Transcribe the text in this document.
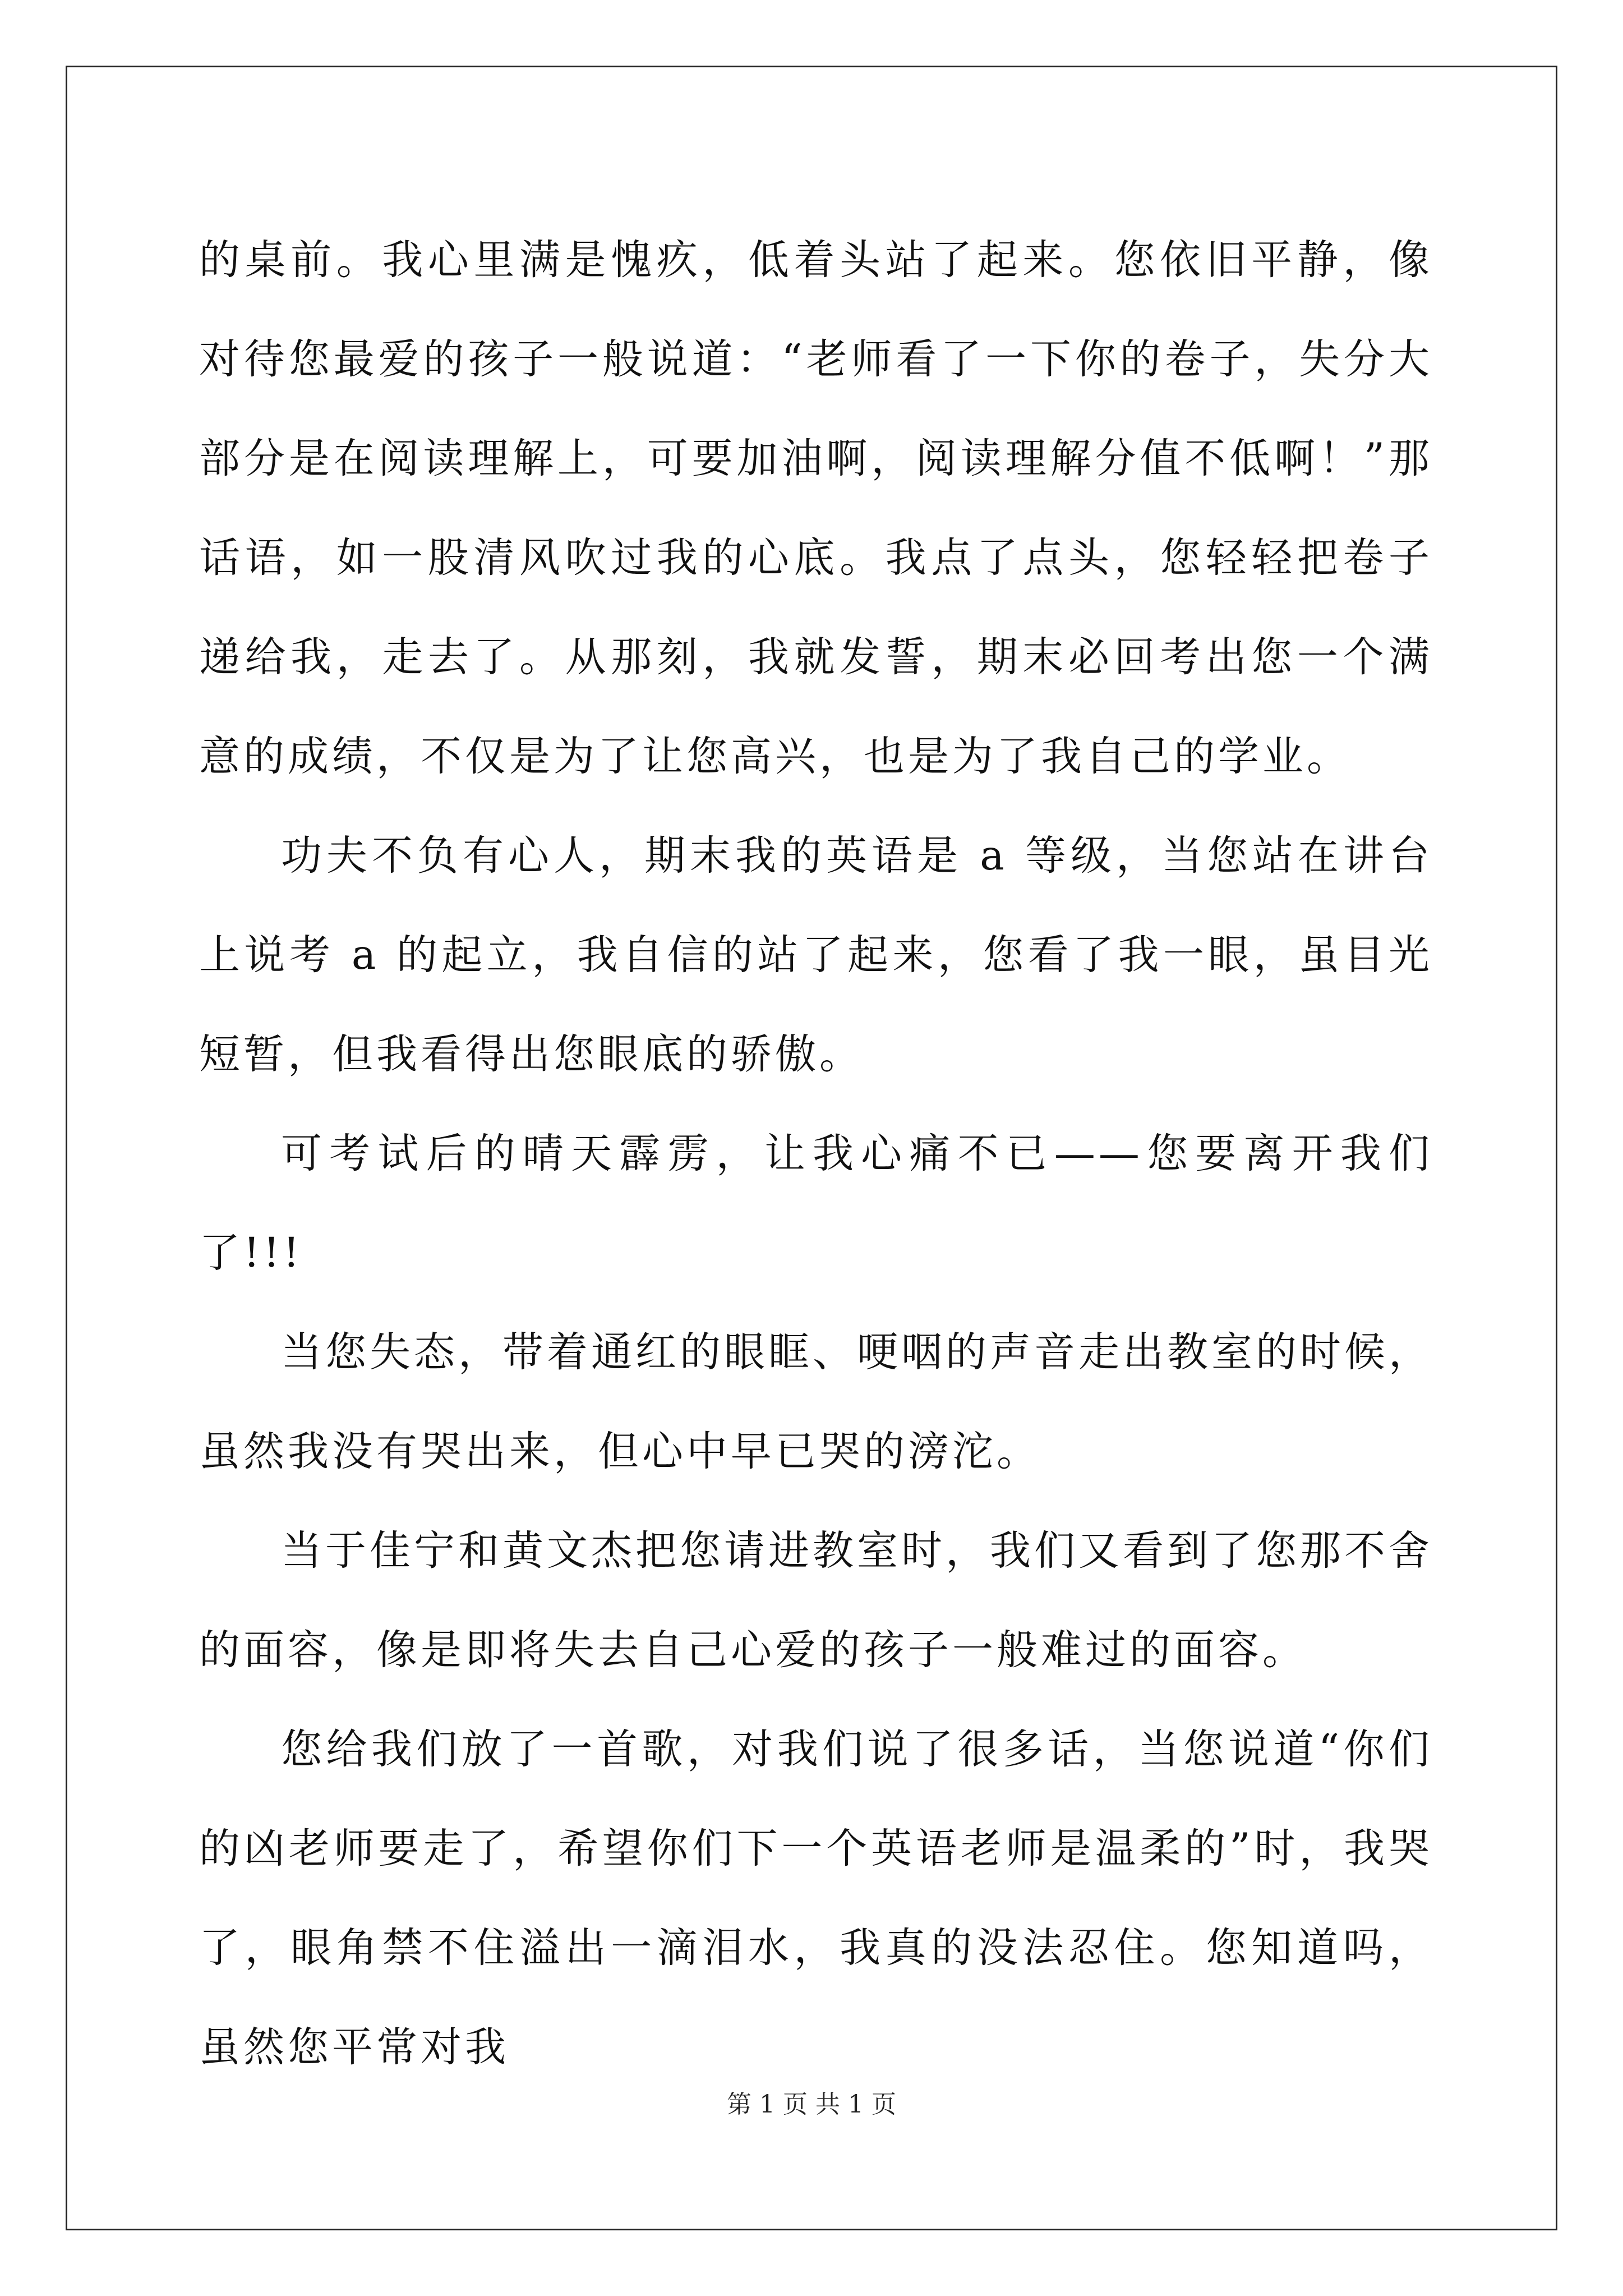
的桌前。我心里满是愧疚，低着头站了起来。您依旧平静，像对待您最爱的孩子一般说道：“老师看了一下你的卷子，失分大部分是在阅读理解上，可要加油啊，阅读理解分值不低啊！”那话语，如一股清风吹过我的心底。我点了点头，您轻轻把卷子递给我，走去了。从那刻，我就发誓，期末必回考出您一个满意的成绩，不仅是为了让您高兴，也是为了我自己的学业。

功夫不负有心人，期末我的英语是 a 等级，当您站在讲台上说考 a 的起立，我自信的站了起来，您看了我一眼，虽目光短暂，但我看得出您眼底的骄傲。

可考试后的晴天霹雳，让我心痛不已——您要离开我们了!!!

当您失态，带着通红的眼眶、哽咽的声音走出教室的时候，虽然我没有哭出来，但心中早已哭的滂沱。

当于佳宁和黄文杰把您请进教室时，我们又看到了您那不舍的面容，像是即将失去自己心爱的孩子一般难过的面容。

您给我们放了一首歌，对我们说了很多话，当您说道“你们的凶老师要走了，希望你们下一个英语老师是温柔的”时，我哭了，眼角禁不住溢出一滴泪水，我真的没法忍住。您知道吗，虽然您平常对我

第 1 页 共 1 页
